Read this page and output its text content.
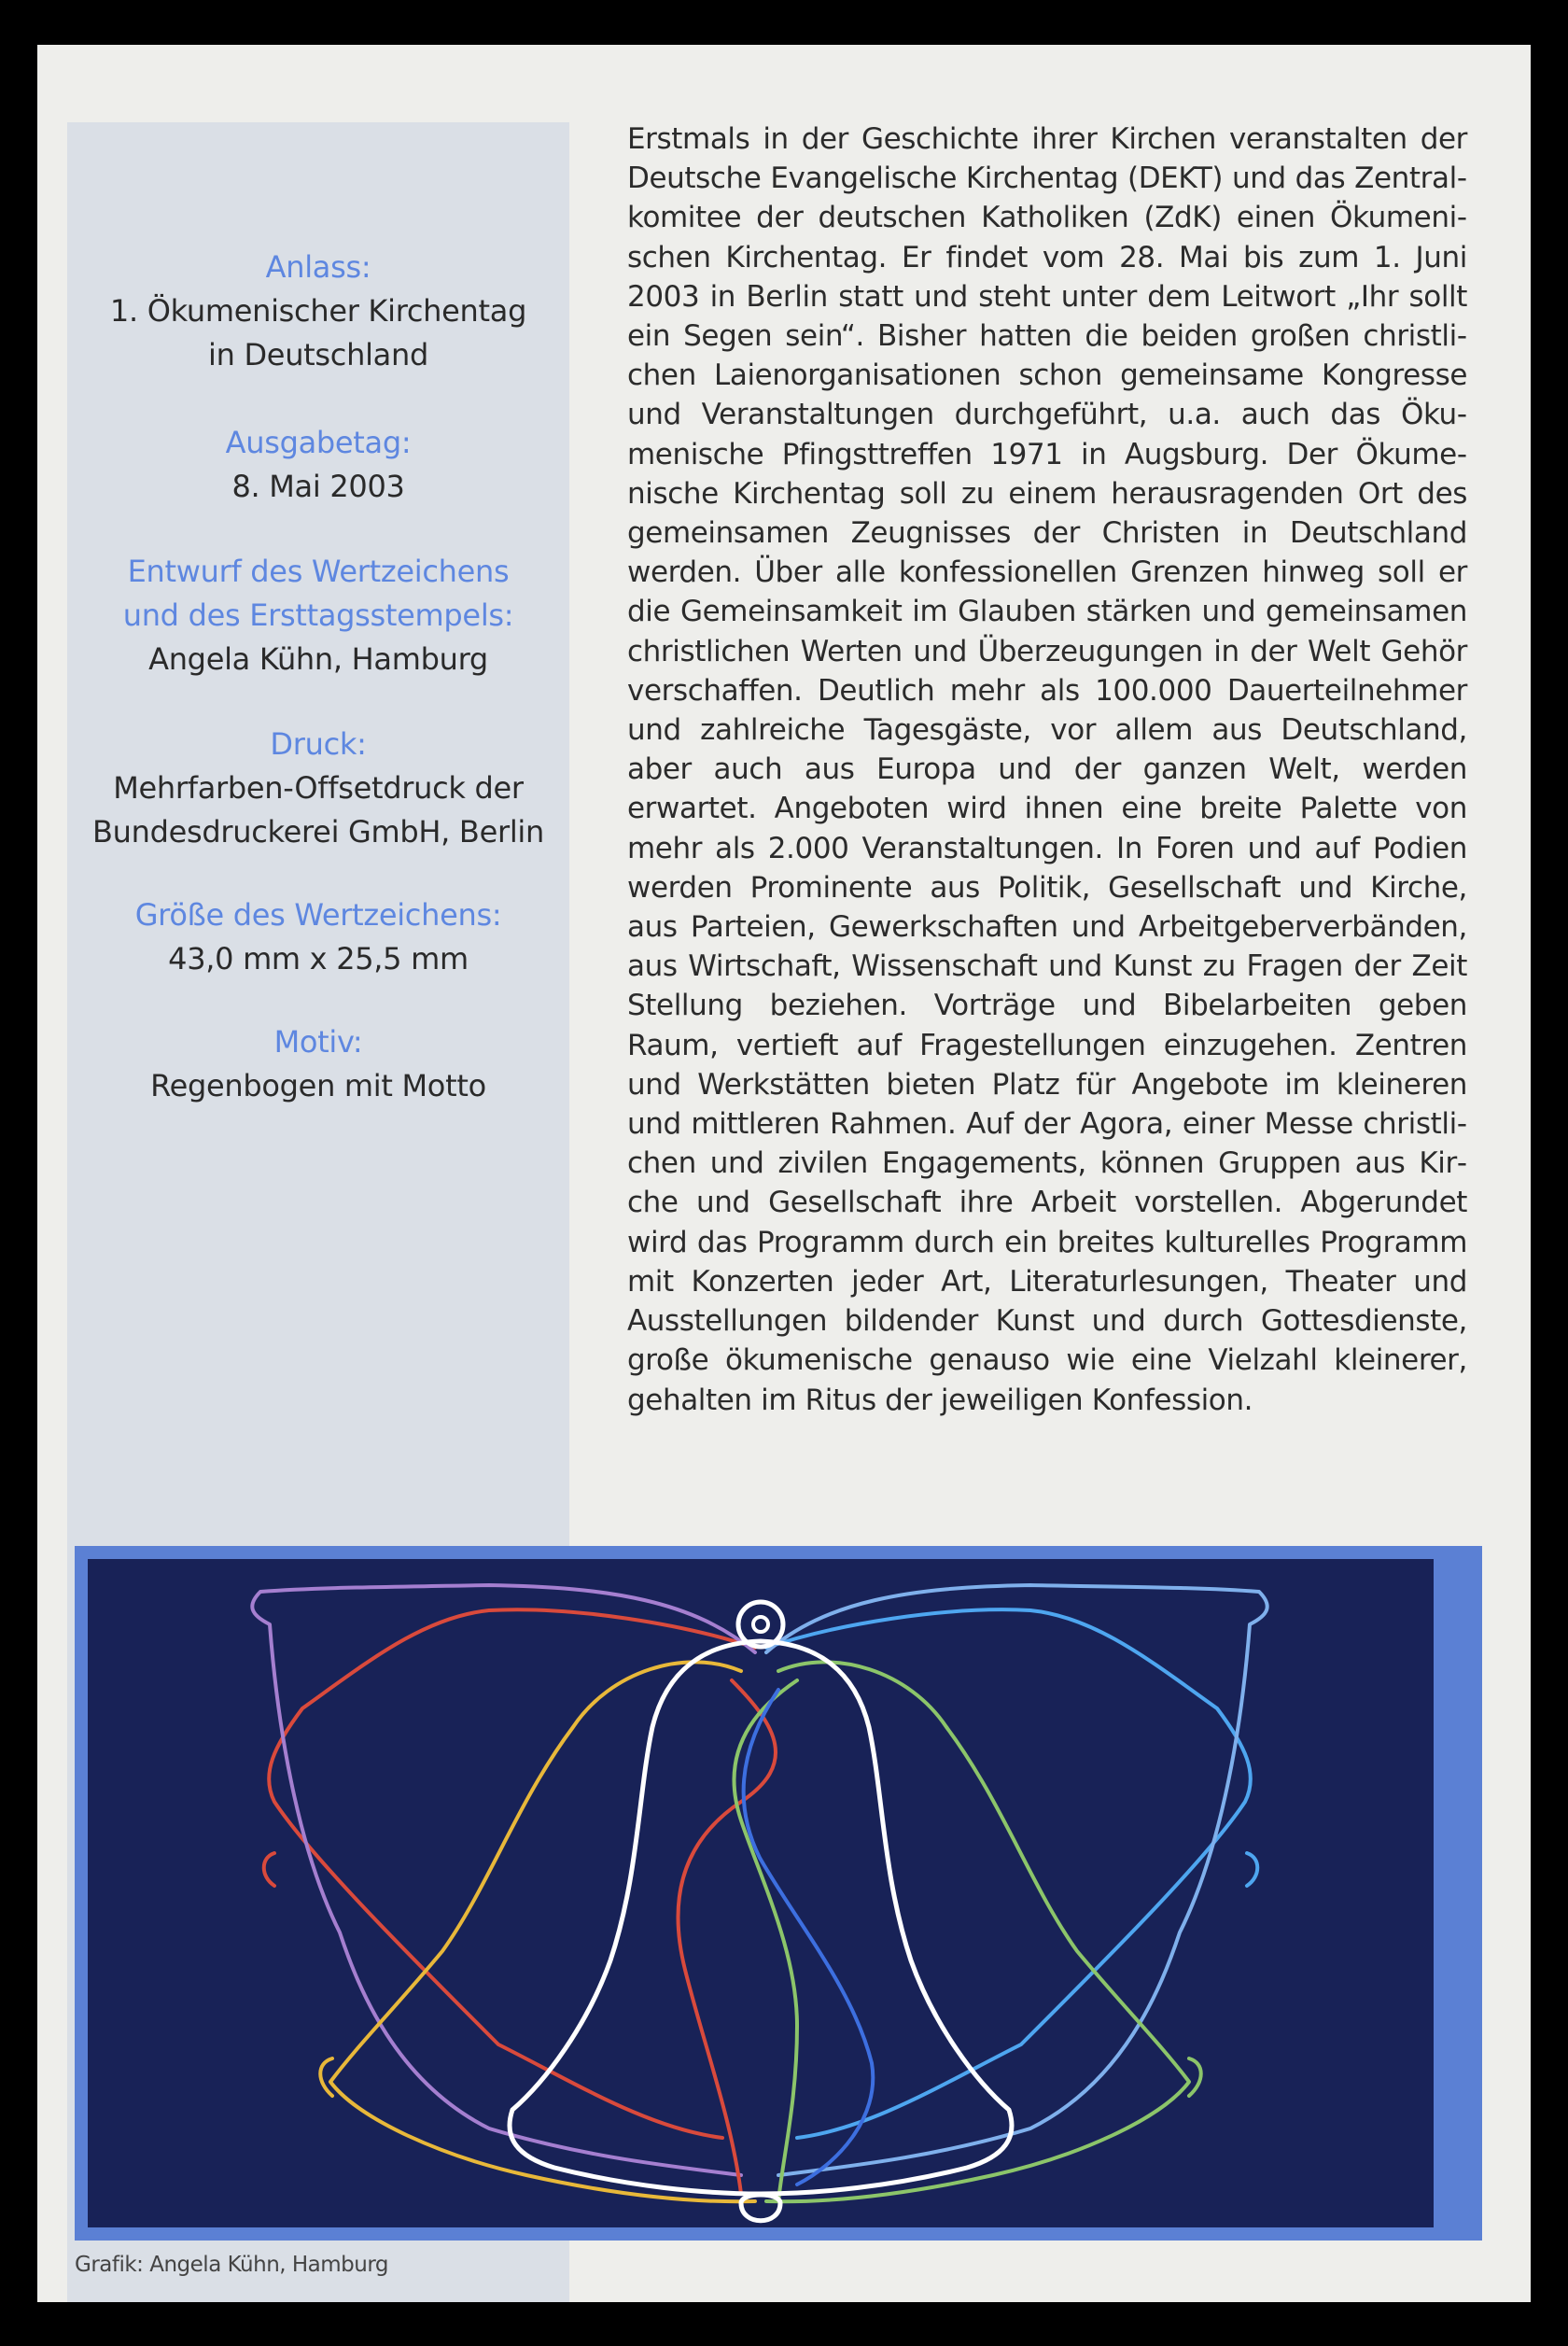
Anlass:
1. Ökumenischer Kirchentag
in Deutschland
Ausgabetag:
8. Mai 2003
Entwurf des Wertzeichens
und des Ersttagsstempels:
Angela Kühn, Hamburg
Druck:
Mehrfarben-Offsetdruck der
Bundesdruckerei GmbH, Berlin
Größe des Wertzeichens:
43,0 mm x 25,5 mm
Motiv:
Regenbogen mit Motto
Erstmals in der Geschichte ihrer Kirchen veranstalten der Deutsche Evangelische Kirchentag (DEKT) und das Zentralkomitee der deutschen Katholiken (ZdK) einen Ökumenischen Kirchentag. Er findet vom 28. Mai bis zum 1. Juni 2003 in Berlin statt und steht unter dem Leitwort „Ihr sollt ein Segen sein“. Bisher hatten die beiden großen christlichen Laienorganisationen schon gemeinsame Kongresse und Veranstaltungen durchgeführt, u.a. auch das Ökumenische Pfingsttreffen 1971 in Augsburg. Der Ökumenische Kirchentag soll zu einem herausragenden Ort des gemeinsamen Zeugnisses der Christen in Deutschland werden. Über alle konfessionellen Grenzen hinweg soll er die Gemeinsamkeit im Glauben stärken und gemeinsamen christlichen Werten und Überzeugungen in der Welt Gehör verschaffen. Deutlich mehr als 100.000 Dauerteilnehmer und zahlreiche Tagesgäste, vor allem aus Deutschland, aber auch aus Europa und der ganzen Welt, werden erwartet. Angeboten wird ihnen eine breite Palette von mehr als 2.000 Veranstaltungen. In Foren und auf Podien werden Prominente aus Politik, Gesellschaft und Kirche, aus Parteien, Gewerkschaften und Arbeitgeberverbänden, aus Wirtschaft, Wissenschaft und Kunst zu Fragen der Zeit Stellung beziehen. Vorträge und Bibelarbeiten geben Raum, vertieft auf Fragestellungen einzugehen. Zentren und Werkstätten bieten Platz für Angebote im kleineren und mittleren Rahmen. Auf der Agora, einer Messe christlichen und zivilen Engagements, können Gruppen aus Kirche und Gesellschaft ihre Arbeit vorstellen. Abgerundet wird das Programm durch ein breites kulturelles Programm mit Konzerten jeder Art, Literaturlesungen, Theater und Ausstellungen bildender Kunst und durch Gottesdienste, große ökumenische genauso wie eine Vielzahl kleinerer, gehalten im Ritus der jeweiligen Konfession.
Grafik: Angela Kühn, Hamburg
